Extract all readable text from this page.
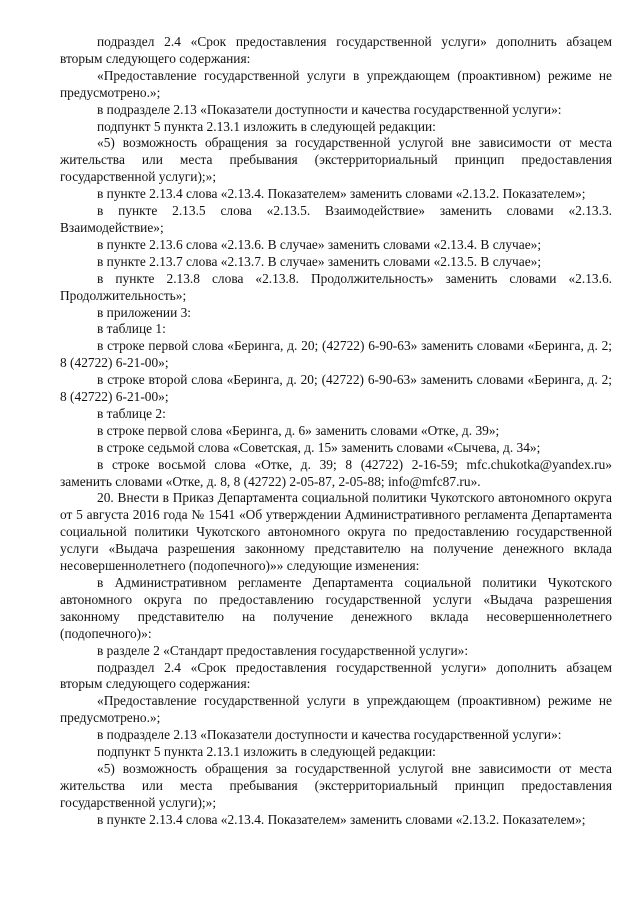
подраздел 2.4 «Срок предоставления государственной услуги» дополнить абзацем вторым следующего содержания:

«Предоставление государственной услуги в упреждающем (проактивном) режиме не предусмотрено.»;

в подразделе 2.13 «Показатели доступности и качества государственной услуги»:

подпункт 5 пункта 2.13.1 изложить в следующей редакции:

«5) возможность обращения за государственной услугой вне зависимости от места жительства или места пребывания (экстерриториальный принцип предоставления государственной услуги);»;

в пункте 2.13.4 слова «2.13.4. Показателем» заменить словами «2.13.2. Показателем»;

в пункте 2.13.5 слова «2.13.5. Взаимодействие» заменить словами «2.13.3. Взаимодействие»;

в пункте 2.13.6 слова «2.13.6. В случае» заменить словами «2.13.4. В случае»;

в пункте 2.13.7 слова «2.13.7. В случае» заменить словами «2.13.5. В случае»;

в пункте 2.13.8 слова «2.13.8. Продолжительность» заменить словами «2.13.6. Продолжительность»;

в приложении 3:

в таблице 1:

в строке первой слова «Беринга, д. 20; (42722) 6-90-63» заменить словами «Беринга, д. 2; 8 (42722) 6-21-00»;

в строке второй слова «Беринга, д. 20; (42722) 6-90-63» заменить словами «Беринга, д. 2; 8 (42722) 6-21-00»;

в таблице 2:

в строке первой слова «Беринга, д. 6» заменить словами «Отке, д. 39»;

в строке седьмой слова «Советская, д. 15» заменить словами «Сычева, д. 34»;

в строке восьмой слова «Отке, д. 39; 8 (42722) 2-16-59; mfc.chukotka@yandex.ru» заменить словами «Отке, д. 8, 8 (42722) 2-05-87, 2-05-88; info@mfc87.ru».

20. Внести в Приказ Департамента социальной политики Чукотского автономного округа от 5 августа 2016 года № 1541 «Об утверждении Административного регламента Департамента социальной политики Чукотского автономного округа по предоставлению государственной услуги «Выдача разрешения законному представителю на получение денежного вклада несовершеннолетнего (подопечного)»» следующие изменения:

в Административном регламенте Департамента социальной политики Чукотского автономного округа по предоставлению государственной услуги «Выдача разрешения законному представителю на получение денежного вклада несовершеннолетнего (подопечного)»:

в разделе 2 «Стандарт предоставления государственной услуги»:

подраздел 2.4 «Срок предоставления государственной услуги» дополнить абзацем вторым следующего содержания:

«Предоставление государственной услуги в упреждающем (проактивном) режиме не предусмотрено.»;

в подразделе 2.13 «Показатели доступности и качества государственной услуги»:

подпункт 5 пункта 2.13.1 изложить в следующей редакции:

«5) возможность обращения за государственной услугой вне зависимости от места жительства или места пребывания (экстерриториальный принцип предоставления государственной услуги);»;

в пункте 2.13.4 слова «2.13.4. Показателем» заменить словами «2.13.2. Показателем»;
